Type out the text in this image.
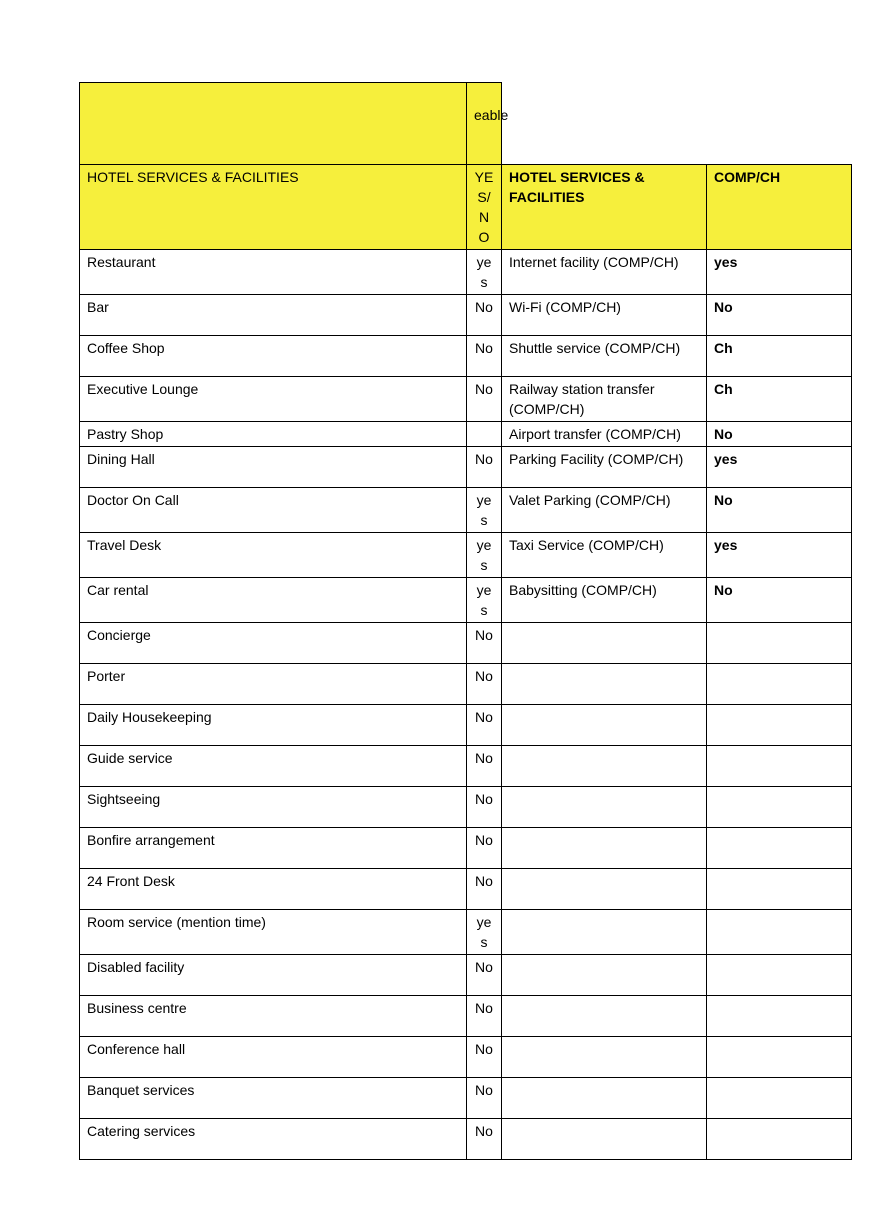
eable
HOTEL SERVICES & FACILITIES	YES/NO	HOTEL SERVICES & FACILITIES	COMP/CH
Restaurant	yes	Internet facility (COMP/CH)	yes
Bar	No	Wi-Fi (COMP/CH)	No
Coffee Shop	No	Shuttle service (COMP/CH)	Ch
Executive Lounge	No	Railway station transfer (COMP/CH)	Ch
Pastry Shop		Airport transfer (COMP/CH)	No
Dining Hall	No	Parking Facility (COMP/CH)	yes
Doctor On Call	yes	Valet Parking (COMP/CH)	No
Travel Desk	yes	Taxi Service (COMP/CH)	yes
Car rental	yes	Babysitting (COMP/CH)	No
Concierge	No		
Porter	No		
Daily Housekeeping	No		
Guide service	No		
Sightseeing	No		
Bonfire arrangement	No		
24 Front Desk	No		
Room service (mention time)	yes		
Disabled facility	No		
Business centre	No		
Conference hall	No		
Banquet services	No		
Catering services	No		
